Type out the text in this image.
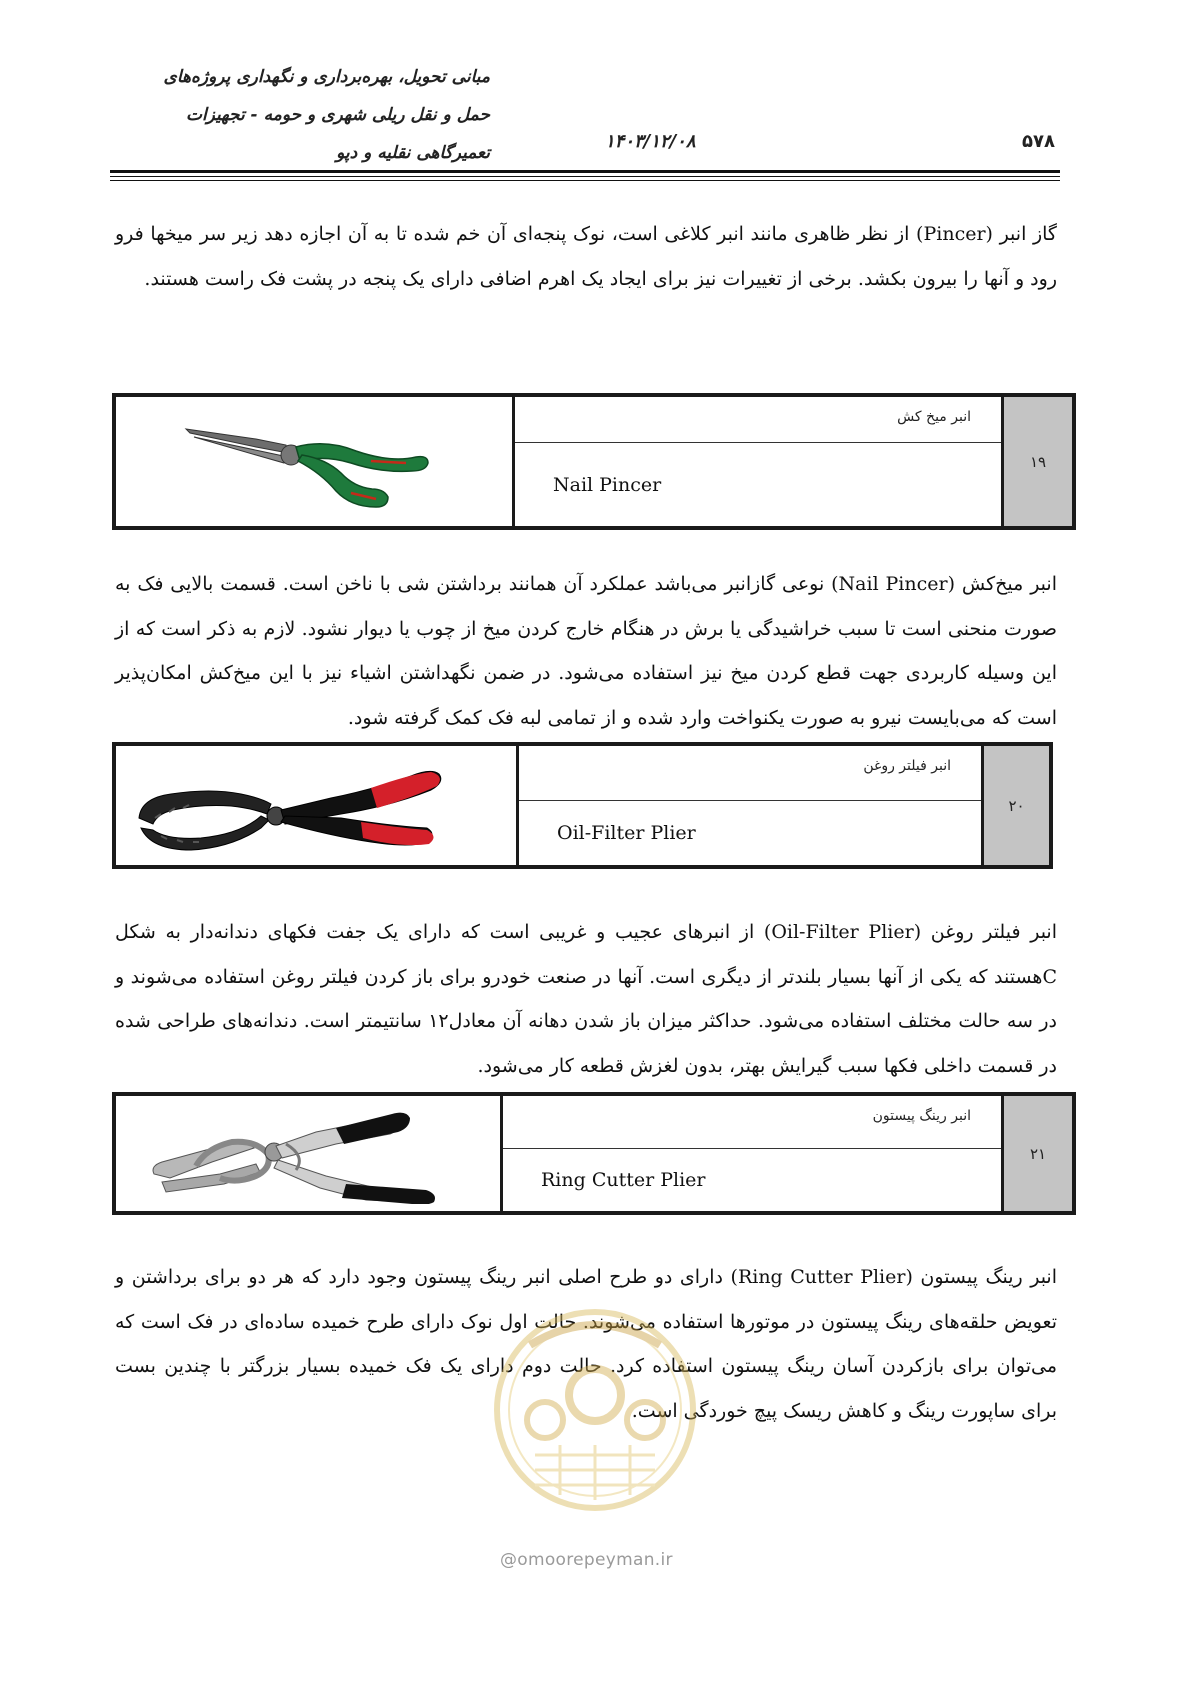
مبانی تحویل، بهره‌برداری و نگهداری پروژه‌های
حمل و نقل ریلی شهری و حومه - تجهیزات
تعمیرگاهی نقلیه و دپو
۱۴۰۳/۱۲/۰۸	۵۷۸

گاز انبر (Pincer) از نظر ظاهری مانند انبر کلاغی است، نوک پنجه‌ای آن خم شده تا به آن اجازه دهد زیر سر میخها فرو رود و آنها را بیرون بکشد. برخی از تغییرات نیز برای ایجاد یک اهرم اضافی دارای یک پنجه در پشت فک راست هستند.

۱۹
انبر میخ کش
Nail Pincer

انبر میخ‌کش (Nail Pincer) نوعی گازانبر می‌باشد عملکرد آن همانند برداشتن شی با ناخن است. قسمت بالایی فک به صورت منحنی است تا سبب خراشیدگی یا برش در هنگام خارج کردن میخ از چوب یا دیوار نشود. لازم به ذکر است که از این وسیله کاربردی جهت قطع کردن میخ نیز استفاده می‌شود. در ضمن نگهداشتن اشیاء نیز با این میخ‌کش امکان‌پذیر است که می‌بایست نیرو به صورت یکنواخت وارد شده و از تمامی لبه فک کمک گرفته شود.

۲۰
انبر فیلتر روغن
Oil-Filter Plier

انبر فیلتر روغن (Oil-Filter Plier) از انبرهای عجیب و غریبی است که دارای یک جفت فکهای دندانه‌دار به شکل Cهستند که یکی از آنها بسیار بلندتر از دیگری است. آنها در صنعت خودرو برای باز کردن فیلتر روغن استفاده می‌شوند و در سه حالت مختلف استفاده می‌شود. حداکثر میزان باز شدن دهانه آن معادل۱۲ سانتیمتر است. دندانه‌های طراحی شده در قسمت داخلی فکها سبب گیرایش بهتر، بدون لغزش قطعه کار می‌شود.

۲۱
انبر رینگ پیستون
Ring Cutter Plier

انبر رینگ پیستون (Ring Cutter Plier) دارای دو طرح اصلی انبر رینگ پیستون وجود دارد که هر دو برای برداشتن و تعویض حلقه‌های رینگ پیستون در موتورها استفاده می‌شوند. حالت اول نوک دارای طرح خمیده ساده‌ای در فک است که می‌توان برای بازکردن آسان رینگ پیستون استفاده کرد. حالت دوم دارای یک فک خمیده بسیار بزرگتر با چندین بست برای ساپورت رینگ و کاهش ریسک پیچ خوردگی است.

@omoorepeyman.ir
